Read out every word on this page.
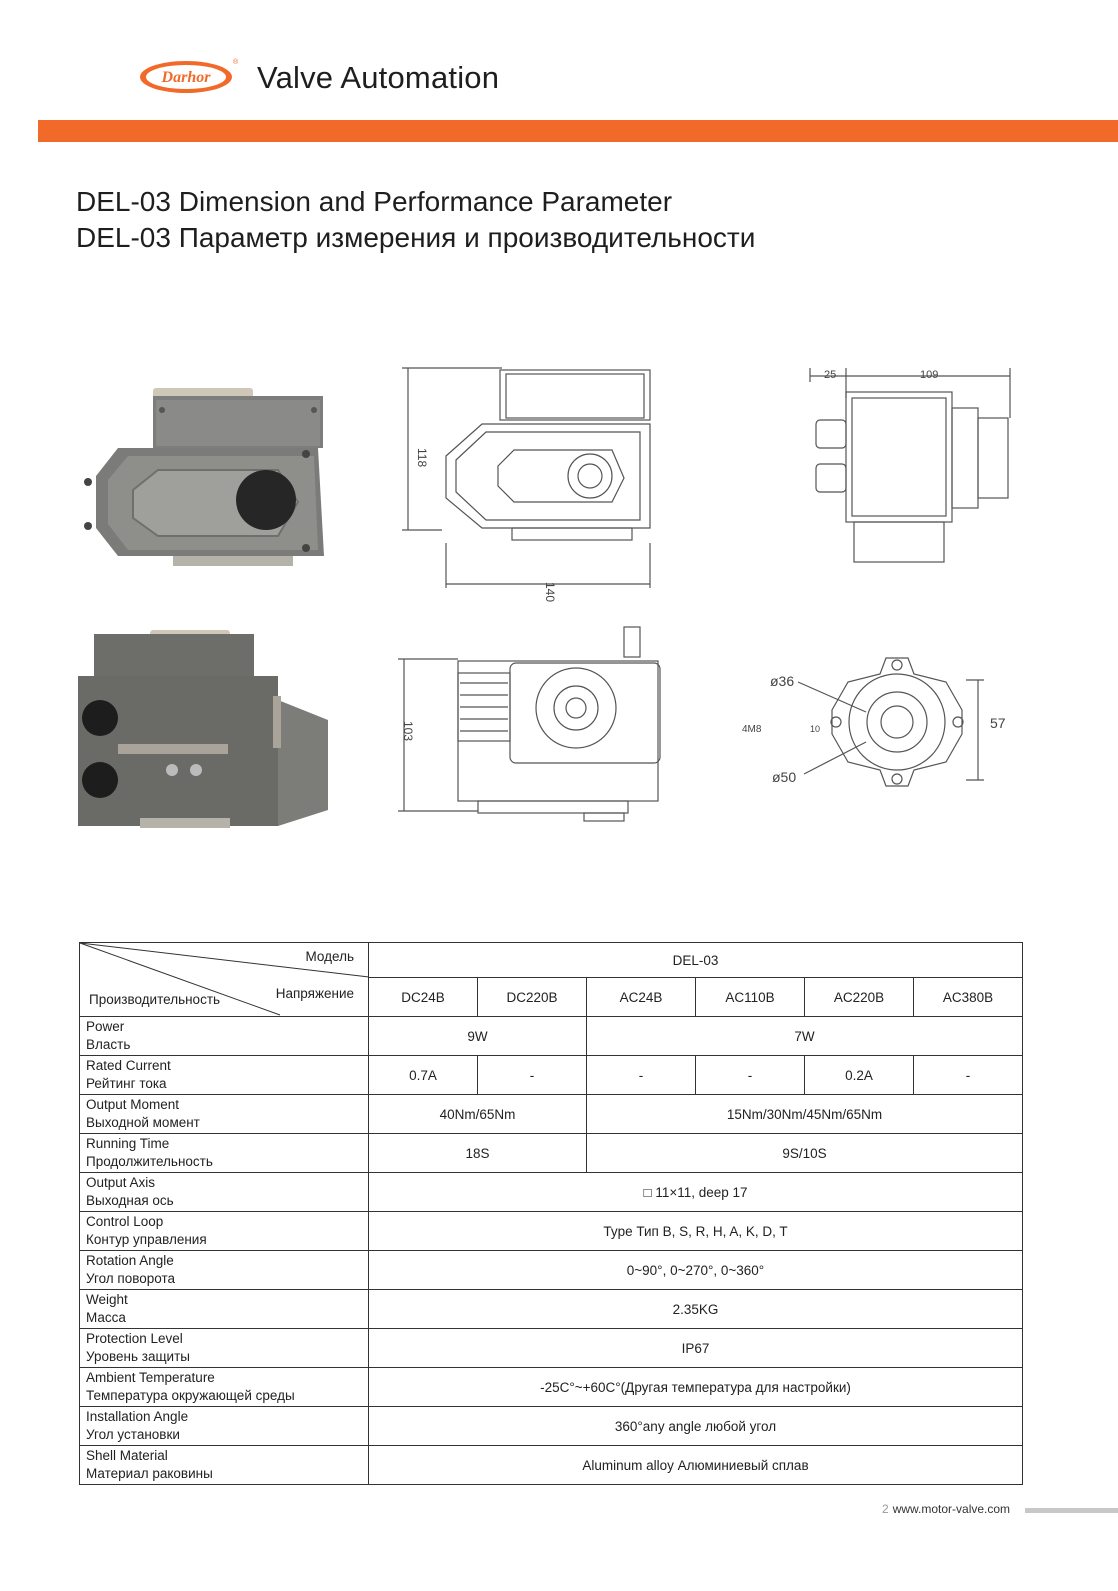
Darhor
® Valve Automation
DEL-03 Dimension and Performance Parameter
DEL-03 Параметр измерения и производительности
118
140
25	109
103
ø36
ø50
4M8	10	57
Модель
Напряжение
Производительность	DEL-03					
	DC24B	DC220B	AC24B	AC110B	AC220B	AC380B
Power
Власть	9W		7W			
Rated Current
Рейтинг тока	0.7A	-	-	-	0.2A	-
Output Moment
Выходной момент	40Nm/65Nm		15Nm/30Nm/45Nm/65Nm			
Running Time
Продолжительность	18S		9S/10S			
Output Axis
Выходная ось	□ 11×11, deep 17					
Control Loop
Контур управления	Type Тип B, S, R, H, A, K, D, T					
Rotation Angle
Угол поворота	0~90°, 0~270°, 0~360°					
Weight
Масса	2.35KG					
Protection Level
Уровень защиты	IP67					
Ambient Temperature
Температура окружающей среды	-25C°~+60C°(Другая температура для настройки)					
Installation Angle
Угол установки	360°any angle любой угол					
Shell Material
Материал раковины	Aluminum alloy Алюминиевый сплав					
2 www.motor-valve.com
